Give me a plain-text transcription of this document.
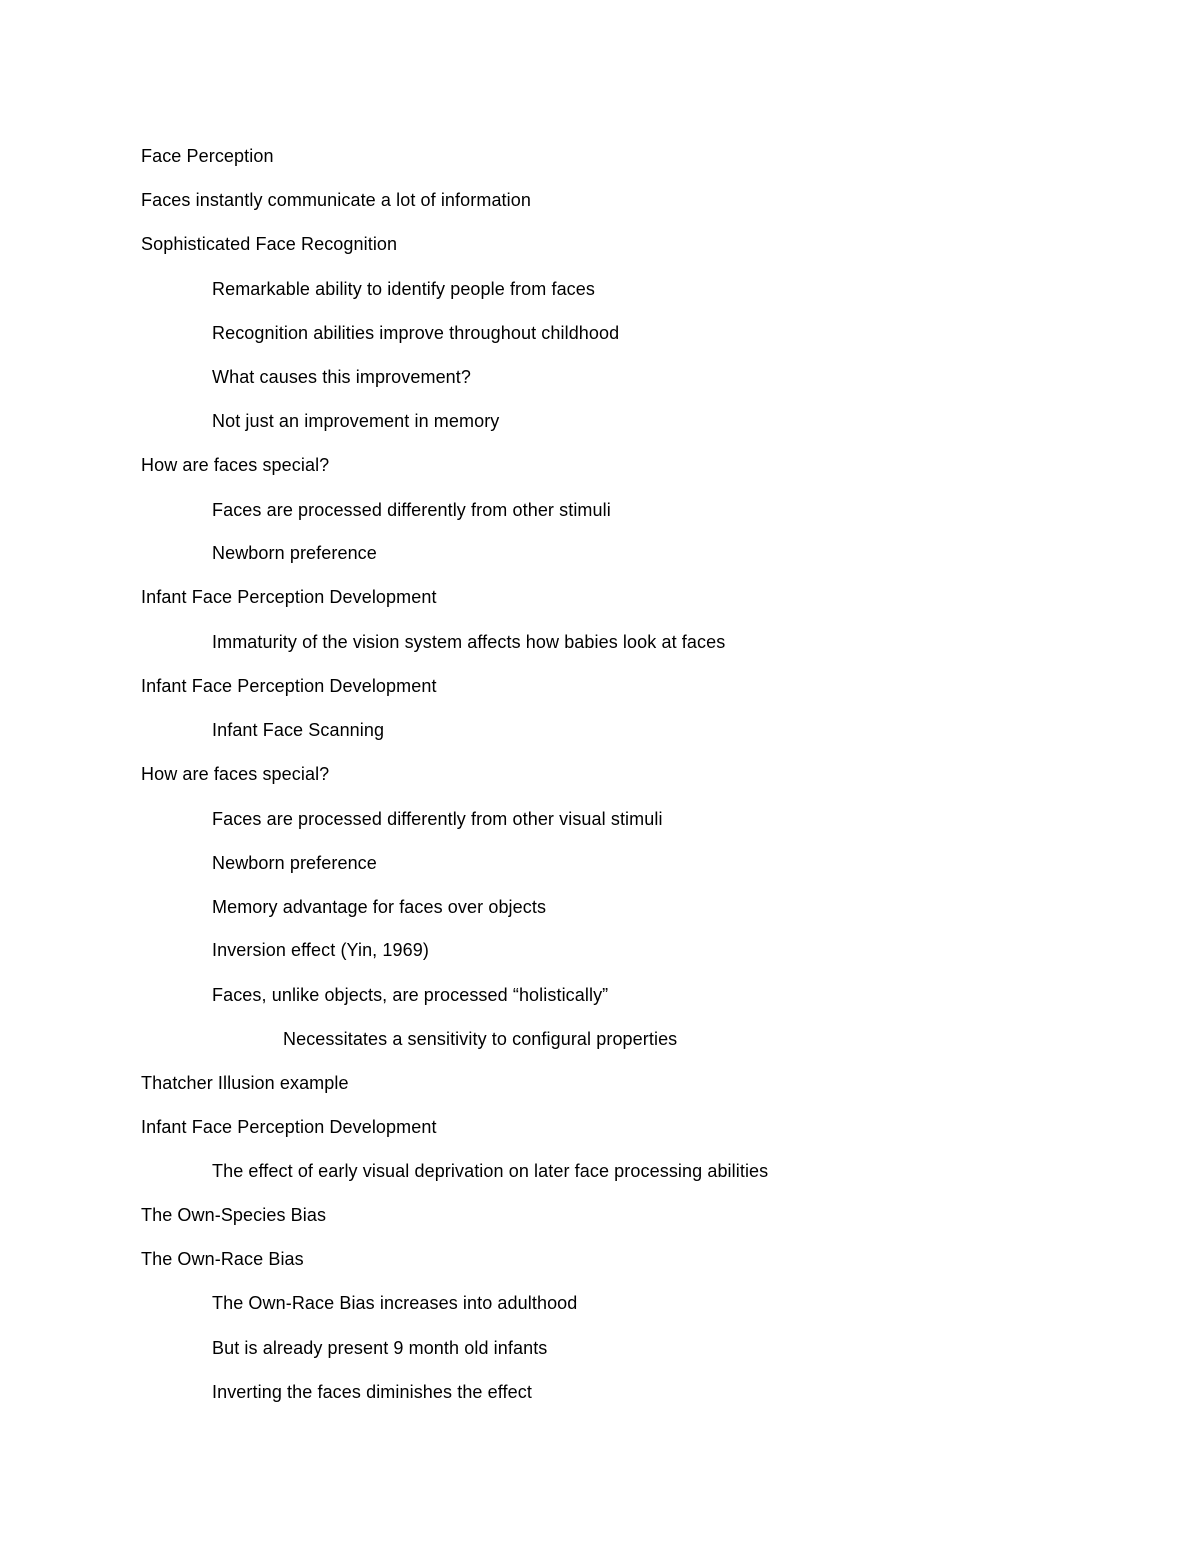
Face Perception
Faces instantly communicate a lot of information
Sophisticated Face Recognition
Remarkable ability to identify people from faces
Recognition abilities improve throughout childhood
What causes this improvement?
Not just an improvement in memory
How are faces special?
Faces are processed differently from other stimuli
Newborn preference
Infant Face Perception Development
Immaturity of the vision system affects how babies look at faces
Infant Face Perception Development
Infant Face Scanning
How are faces special?
Faces are processed differently from other visual stimuli
Newborn preference
Memory advantage for faces over objects
Inversion effect (Yin, 1969)
Faces, unlike objects, are processed “holistically”
Necessitates a sensitivity to configural properties
Thatcher Illusion example
Infant Face Perception Development
The effect of early visual deprivation on later face processing abilities
The Own-Species Bias
The Own-Race Bias
The Own-Race Bias increases into adulthood
But is already present 9 month old infants
Inverting the faces diminishes the effect
